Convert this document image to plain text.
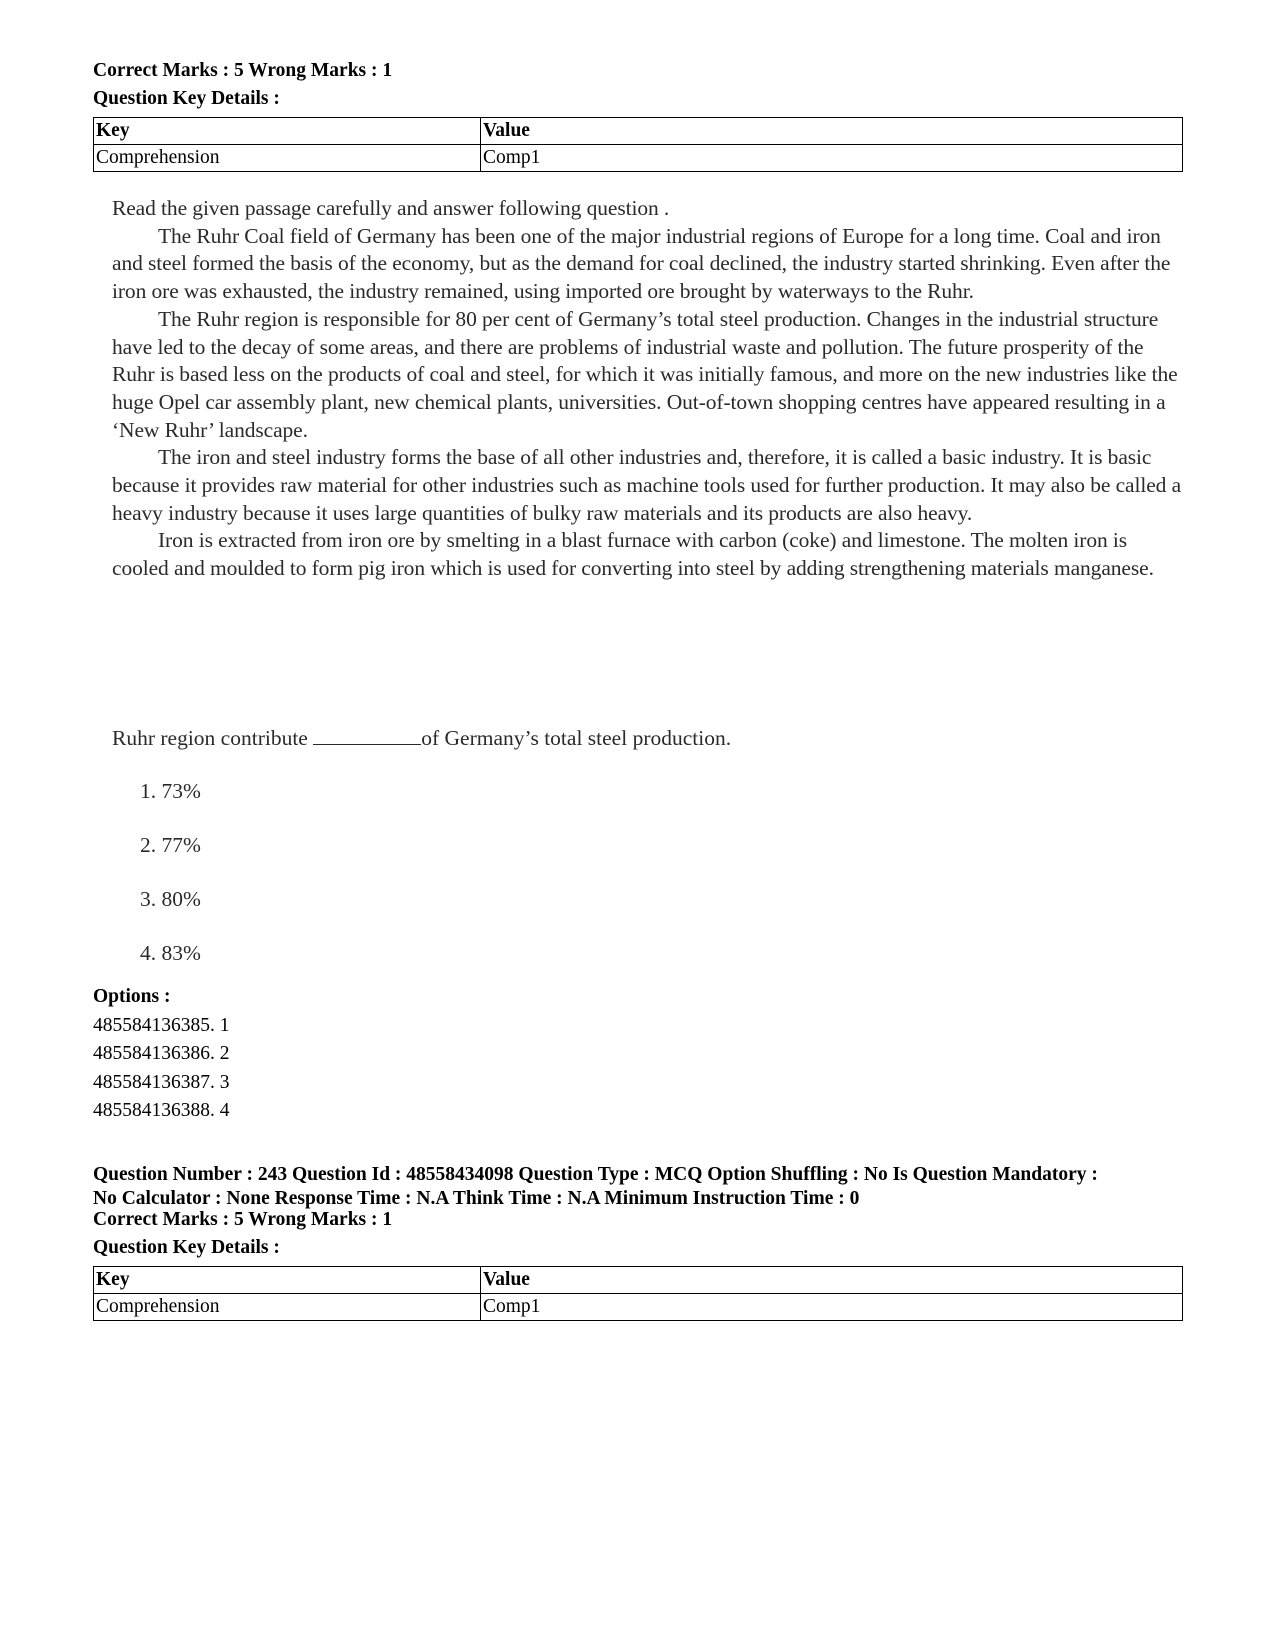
Correct Marks : 5 Wrong Marks : 1
Question Key Details :
Key	Value
Comprehension	Comp1

Read the given passage carefully and answer following question .

The Ruhr Coal field of Germany has been one of the major industrial regions of Europe for a long time. Coal and iron and steel formed the basis of the economy, but as the demand for coal declined, the industry started shrinking. Even after the iron ore was exhausted, the industry remained, using imported ore brought by waterways to the Ruhr.

The Ruhr region is responsible for 80 per cent of Germany’s total steel production. Changes in the industrial structure have led to the decay of some areas, and there are problems of industrial waste and pollution. The future prosperity of the Ruhr is based less on the products of coal and steel, for which it was initially famous, and more on the new industries like the huge Opel car assembly plant, new chemical plants, universities. Out-of-town shopping centres have appeared resulting in a ‘New Ruhr’ landscape.

The iron and steel industry forms the base of all other industries and, therefore, it is called a basic industry. It is basic because it provides raw material for other industries such as machine tools used for further production. It may also be called a heavy industry because it uses large quantities of bulky raw materials and its products are also heavy.

Iron is extracted from iron ore by smelting in a blast furnace with carbon (coke) and limestone. The molten iron is cooled and moulded to form pig iron which is used for converting into steel by adding strengthening materials manganese.

Ruhr region contribute	of Germany’s total steel production.
1. 73%
2. 77%
3. 80%
4. 83%
Options :
485584136385. 1
485584136386. 2
485584136387. 3
485584136388. 4
Question Number : 243 Question Id : 48558434098 Question Type : MCQ Option Shuffling : No Is Question Mandatory :
No Calculator : None Response Time : N.A Think Time : N.A Minimum Instruction Time : 0
Correct Marks : 5 Wrong Marks : 1
Question Key Details :
Key	Value
Comprehension	Comp1
